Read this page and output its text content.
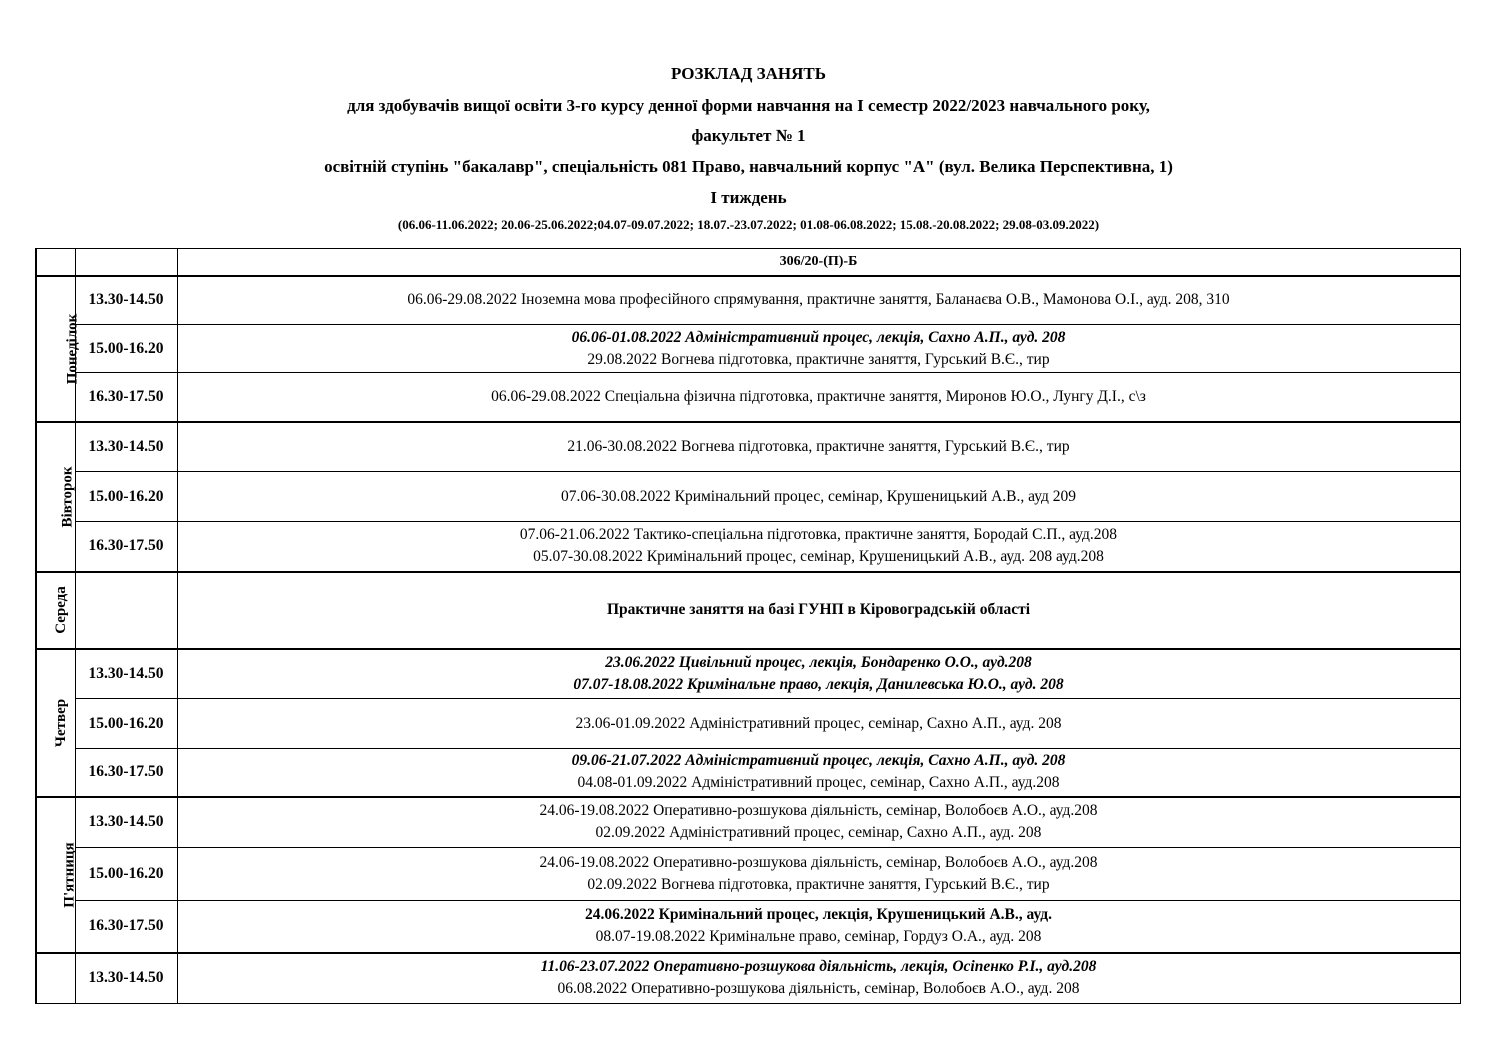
РОЗКЛАД ЗАНЯТЬ
для здобувачів вищої освіти 3-го курсу денної форми навчання на І семестр 2022/2023 навчального року,
факультет № 1
освітній ступінь "бакалавр", спеціальність 081 Право, навчальний корпус "А" (вул. Велика Перспективна, 1)
І тиждень
(06.06-11.06.2022; 20.06-25.06.2022;04.07-09.07.2022; 18.07.-23.07.2022; 01.08-06.08.2022; 15.08.-20.08.2022; 29.08-03.09.2022)
		306/20-(П)-Б
Понеділок	13.30-14.50	06.06-29.08.2022 Іноземна мова професійного спрямування, практичне заняття, Баланаєва О.В., Мамонова О.І., ауд. 208, 310

	15.00-16.20	06.06-01.08.2022 Адміністративний процес, лекція, Сахно А.П., ауд. 208
29.08.2022 Вогнева підготовка, практичне заняття, Гурський В.Є., тир

	16.30-17.50	06.06-29.08.2022 Спеціальна фізична підготовка, практичне заняття, Миронов Ю.О., Лунгу Д.І., с\з

Вівторок	13.30-14.50	21.06-30.08.2022 Вогнева підготовка, практичне заняття, Гурський В.Є., тир

	15.00-16.20	07.06-30.08.2022 Кримінальний процес, семінар, Крушеницький А.В., ауд 209

	16.30-17.50	07.06-21.06.2022 Тактико-спеціальна підготовка, практичне заняття, Бородай С.П., ауд.208
05.07-30.08.2022 Кримінальний процес, семінар, Крушеницький А.В., ауд. 208 ауд.208

Середа		Практичне заняття на базі ГУНП в Кіровоградській області

Четвер	13.30-14.50	23.06.2022 Цивільний процес, лекція, Бондаренко О.О., ауд.208
07.07-18.08.2022 Кримінальне право, лекція, Данилевська Ю.О., ауд. 208

	15.00-16.20	23.06-01.09.2022 Адміністративний процес, семінар, Сахно А.П., ауд. 208

	16.30-17.50	09.06-21.07.2022 Адміністративний процес, лекція, Сахно А.П., ауд. 208
04.08-01.09.2022 Адміністративний процес, семінар, Сахно А.П., ауд.208

П'ятниця	13.30-14.50	24.06-19.08.2022 Оперативно-розшукова діяльність, семінар, Волобоєв А.О., ауд.208
02.09.2022 Адміністративний процес, семінар, Сахно А.П., ауд. 208

	15.00-16.20	24.06-19.08.2022 Оперативно-розшукова діяльність, семінар, Волобоєв А.О., ауд.208
02.09.2022 Вогнева підготовка, практичне заняття, Гурський В.Є., тир

	16.30-17.50	24.06.2022 Кримінальний процес, лекція, Крушеницький А.В., ауд.
08.07-19.08.2022 Кримінальне право, семінар, Гордуз О.А., ауд. 208

	13.30-14.50	11.06-23.07.2022 Оперативно-розшукова діяльність, лекція, Осіпенко Р.І., ауд.208
06.08.2022 Оперативно-розшукова діяльність, семінар, Волобоєв А.О., ауд. 208
